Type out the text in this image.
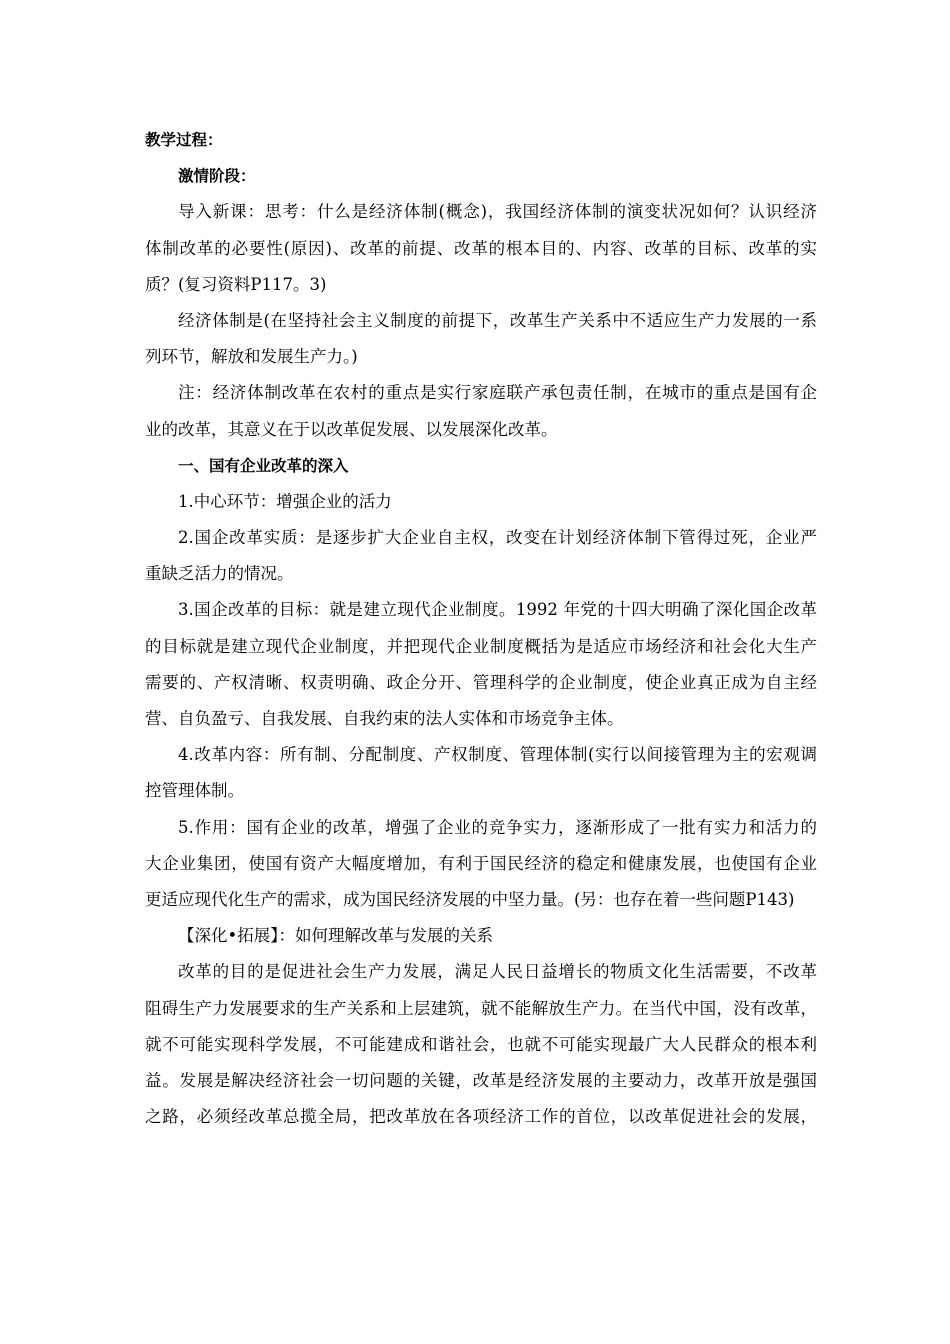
教学过程：
激情阶段：
导入新课：思考：什么是经济体制(概念)，我国经济体制的演变状况如何？认识经济
体制改革的必要性(原因)、改革的前提、改革的根本目的、内容、改革的目标、改革的实
质？(复习资料P117。3)
经济体制是(在坚持社会主义制度的前提下，改革生产关系中不适应生产力发展的一系
列环节，解放和发展生产力。)
注：经济体制改革在农村的重点是实行家庭联产承包责任制，在城市的重点是国有企
业的改革，其意义在于以改革促发展、以发展深化改革。
一、国有企业改革的深入
1.中心环节：增强企业的活力
2.国企改革实质：是逐步扩大企业自主权，改变在计划经济体制下管得过死，企业严
重缺乏活力的情况。
3.国企改革的目标：就是建立现代企业制度。1992 年党的十四大明确了深化国企改革
的目标就是建立现代企业制度，并把现代企业制度概括为是适应市场经济和社会化大生产
需要的、产权清晰、权责明确、政企分开、管理科学的企业制度，使企业真正成为自主经
营、自负盈亏、自我发展、自我约束的法人实体和市场竞争主体。
4.改革内容：所有制、分配制度、产权制度、管理体制(实行以间接管理为主的宏观调
控管理体制。
5.作用：国有企业的改革，增强了企业的竞争实力，逐渐形成了一批有实力和活力的
大企业集团，使国有资产大幅度增加，有利于国民经济的稳定和健康发展，也使国有企业
更适应现代化生产的需求，成为国民经济发展的中坚力量。(另：也存在着一些问题P143)
【深化•拓展】：如何理解改革与发展的关系
改革的目的是促进社会生产力发展，满足人民日益增长的物质文化生活需要，不改革
阻碍生产力发展要求的生产关系和上层建筑，就不能解放生产力。在当代中国，没有改革，
就不可能实现科学发展，不可能建成和谐社会，也就不可能实现最广大人民群众的根本利
益。发展是解决经济社会一切问题的关键，改革是经济发展的主要动力，改革开放是强国
之路，必须经改革总揽全局，把改革放在各项经济工作的首位，以改革促进社会的发展，
